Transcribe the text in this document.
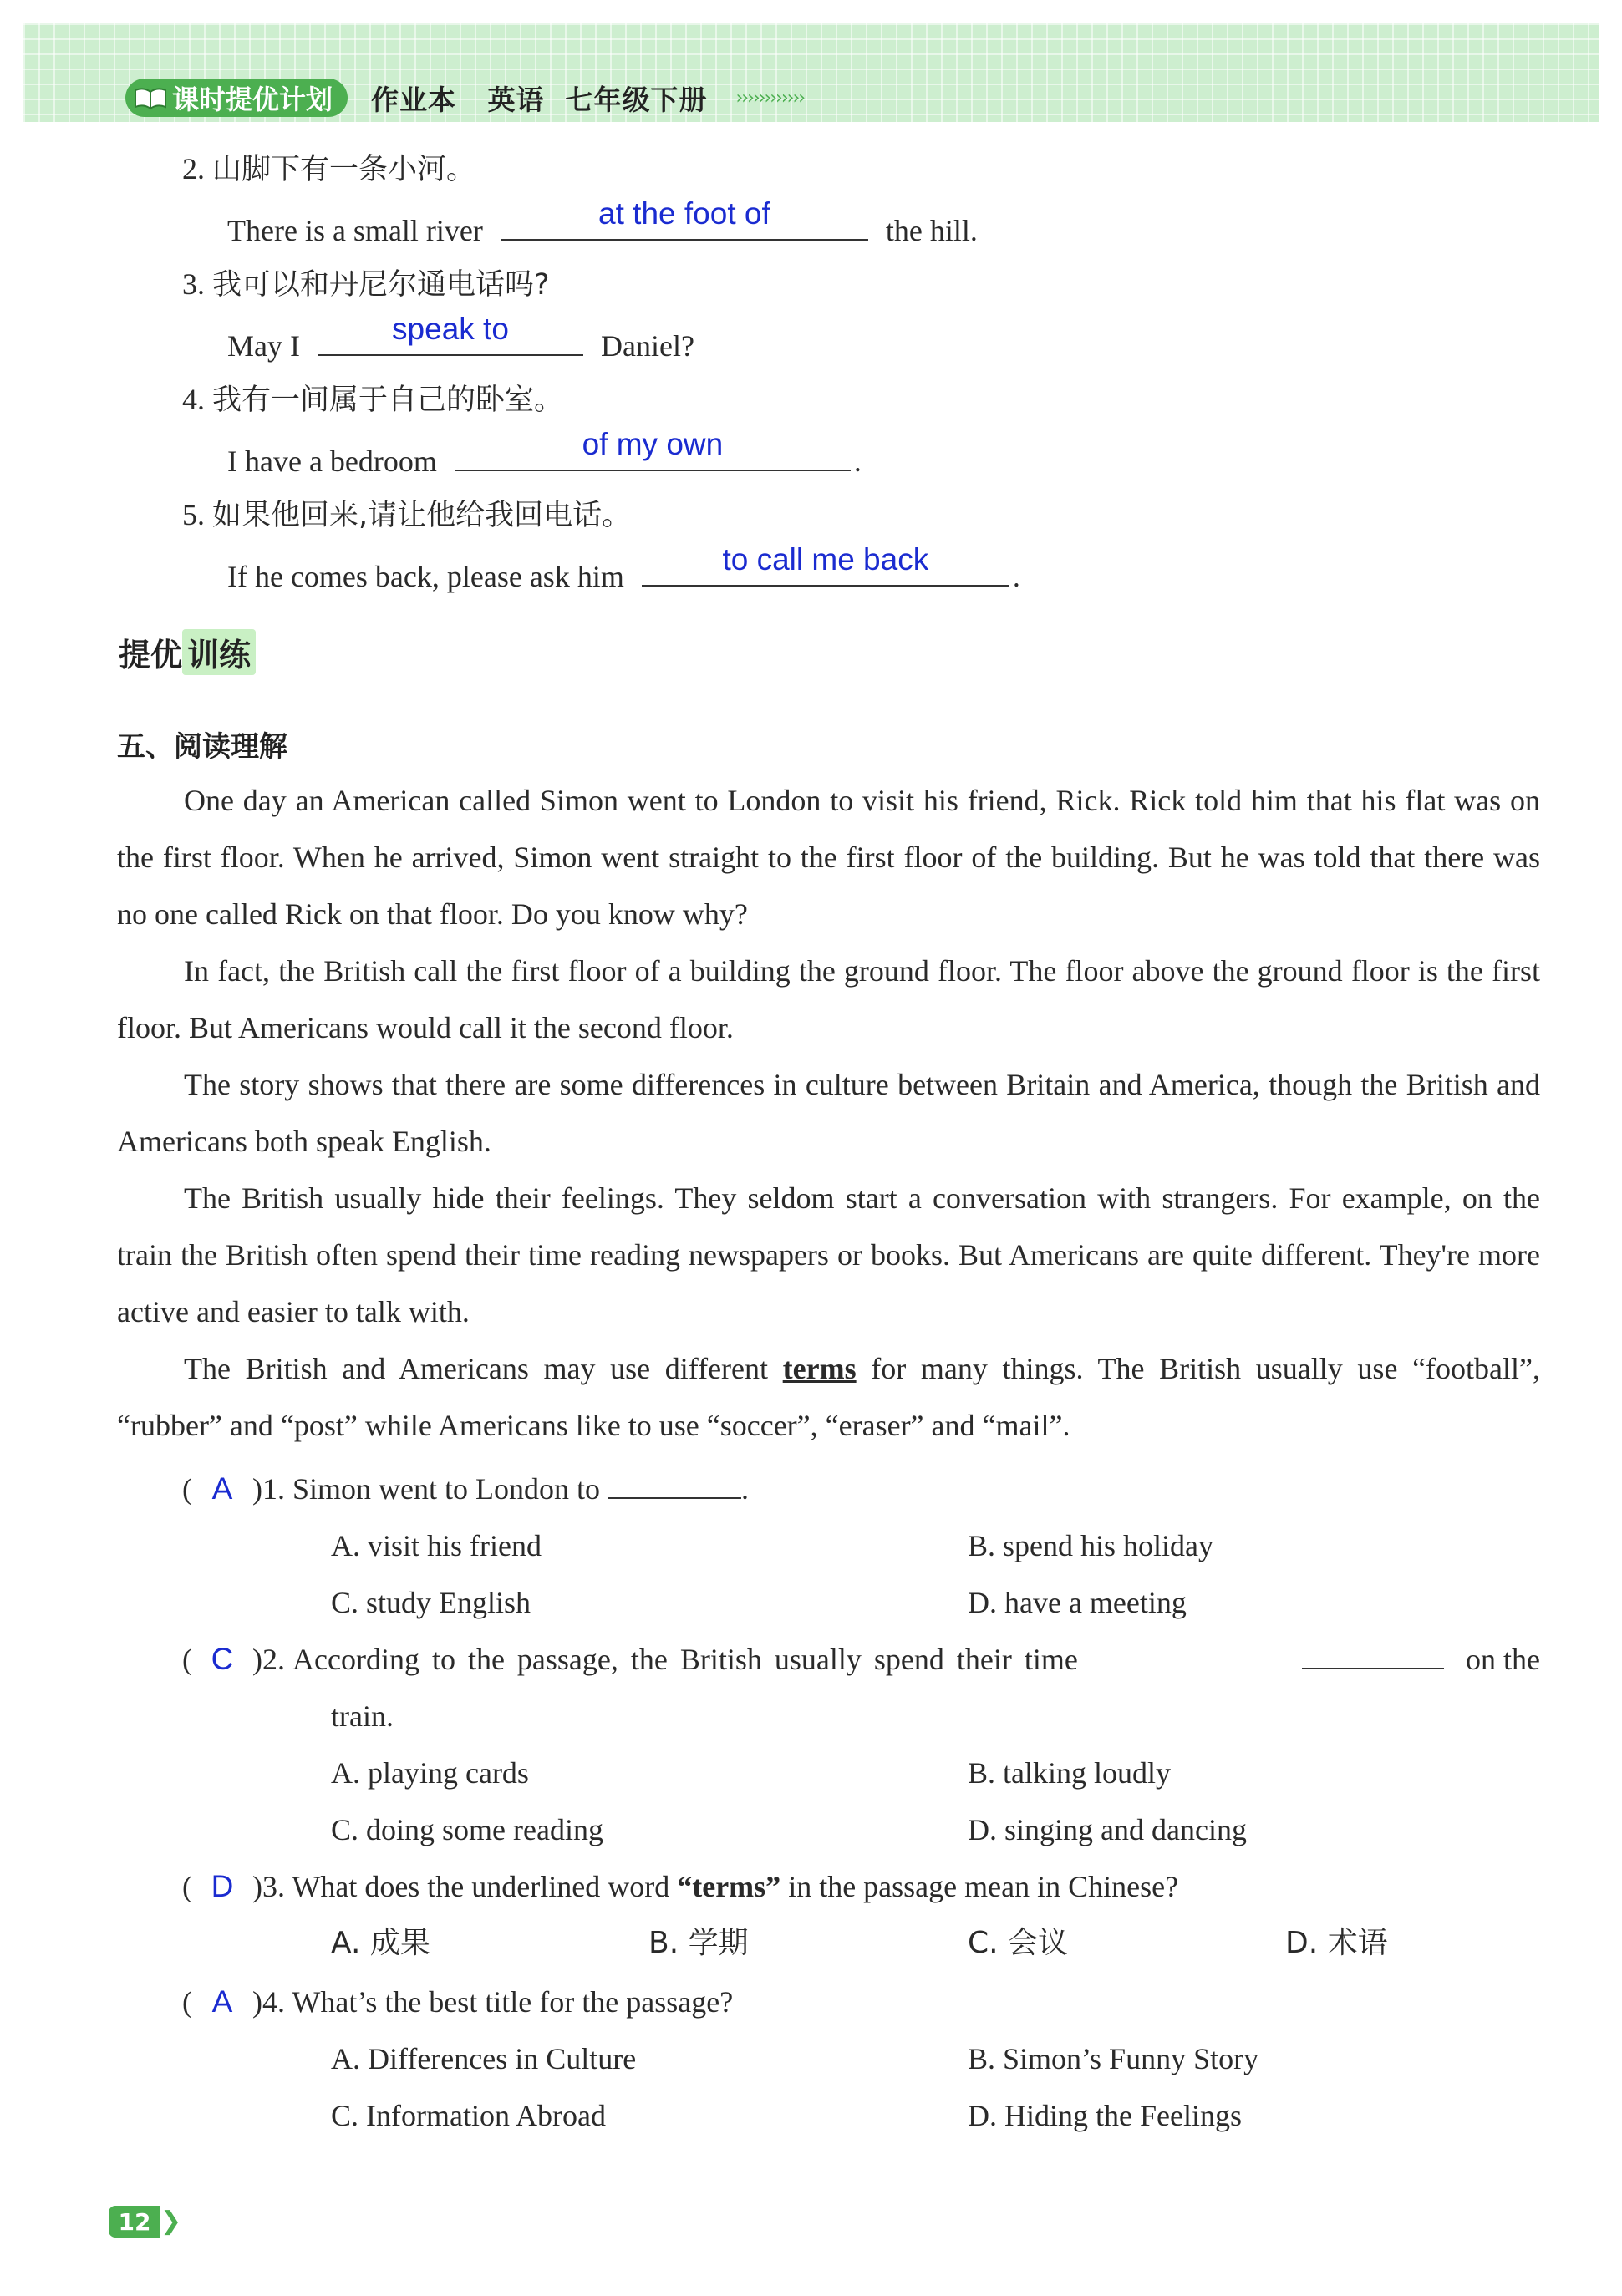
课时提优计划 作业本   英语  七年级下册 ››››››››››››
2. 山脚下有一条小河。
There is a small river	at the foot of	the hill.
3. 我可以和丹尼尔通电话吗?
May I	speak to	Daniel?
4. 我有一间属于自己的卧室。
I have a bedroom	of my own	.
5. 如果他回来,请让他给我回电话。
If he comes back, please ask him	to call me back	.
提优 训练
五、阅读理解

One day an American called Simon went to London to visit his friend, Rick. Rick told him that his flat was on the first floor. When he arrived, Simon went straight to the first floor of the building. But he was told that there was no one called Rick on that floor. Do you know why?

In fact, the British call the first floor of a building the ground floor. The floor above the ground floor is the first floor. But Americans would call it the second floor.

The story shows that there are some differences in culture between Britain and America, though the British and Americans both speak English.

The British usually hide their feelings. They seldom start a conversation with strangers. For example, on the train the British often spend their time reading newspapers or books. But Americans are quite different. They're more active and easier to talk with.

The British and Americans may use different terms for many things. The British usually use “football”, “rubber” and “post” while Americans like to use “soccer”, “eraser” and “mail”.

( A )1. Simon went to London to	.
A. visit his friend	B. spend his holiday
C. study English	D. have a meeting
( C )2. According to the passage, the British usually spend their time	on the
train.
A. playing cards	B. talking loudly
C. doing some reading	D. singing and dancing
( D )3. What does the underlined word “terms” in the passage mean in Chinese?
A. 成果	B. 学期	C. 会议	D. 术语
( A )4. What’s the best title for the passage?
A. Differences in Culture	B. Simon’s Funny Story
C. Information Abroad	D. Hiding the Feelings
12 ❯
